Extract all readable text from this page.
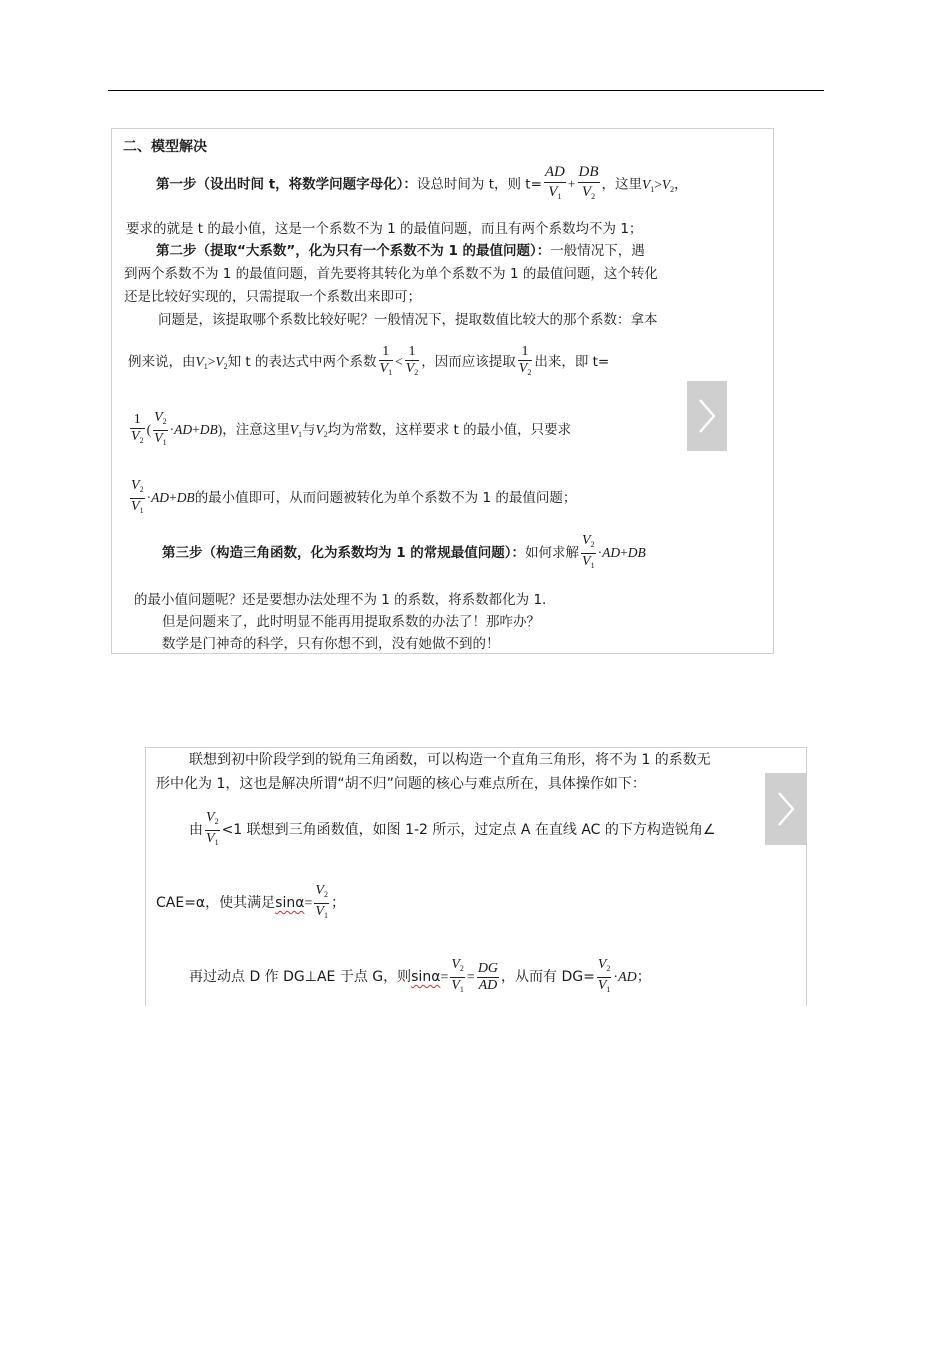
二、模型解决
第一步（设出时间 t，将数学问题字母化）：设总时间为 t，则 $t= \frac{AD}{V_1} + \frac{DB}{V_2}$ ，这里$V_1>V_2$，
要求的就是 t 的最小值，这是一个系数不为 1 的最值问题，而且有两个系数均不为 1；
第二步（提取“大系数”，化为只有一个系数不为 1 的最值问题）：一般情况下，遇
到两个系数不为 1 的最值问题，首先要将其转化为单个系数不为 1 的最值问题，这个转化
还是比较好实现的，只需提取一个系数出来即可；
问题是，该提取哪个系数比较好呢？一般情况下，提取数值比较大的那个系数：拿本
例来说，由$V_1>V_2$知 t 的表达式中两个系数 $\frac{1}{V_1} < \frac{1}{V_2}$ ，因而应该提取 $\frac{1}{V_2}$ 出来，即 t=
$\frac{1}{V_2}$ ( $\frac{V_2}{V_1} \cdot AD+DB$)，注意这里$V_1$与$V_2$均为常数，这样要求 t 的最小值，只要求
$\frac{V_2}{V_1} \cdot AD+DB$的最小值即可，从而问题被转化为单个系数不为 1 的最值问题；
第三步（构造三角函数，化为系数均为 1 的常规最值问题）：如何求解 $\frac{V_2}{V_1} \cdot AD+DB$
的最小值问题呢？还是要想办法处理不为 1 的系数，将系数都化为 1.
但是问题来了，此时明显不能再用提取系数的办法了！那咋办？
数学是门神奇的科学，只有你想不到，没有她做不到的！
联想到初中阶段学到的锐角三角函数，可以构造一个直角三角形，将不为 1 的系数无
形中化为 1，这也是解决所谓“胡不归”问题的核心与难点所在，具体操作如下：
由 $\frac{V_2}{V_1} <1$ 联想到三角函数值，如图 1-2 所示，过定点 A 在直线 AC 的下方构造锐角∠
CAE=α，使其满足$\sin\alpha= \frac{V_2}{V_1}$ ；
再过动点 D 作 DG⊥AE 于点 G，则$\sin\alpha= \frac{V_2}{V_1} = \frac{DG}{AD}$ ，从而有 $DG= \frac{V_2}{V_1} \cdot AD$；
